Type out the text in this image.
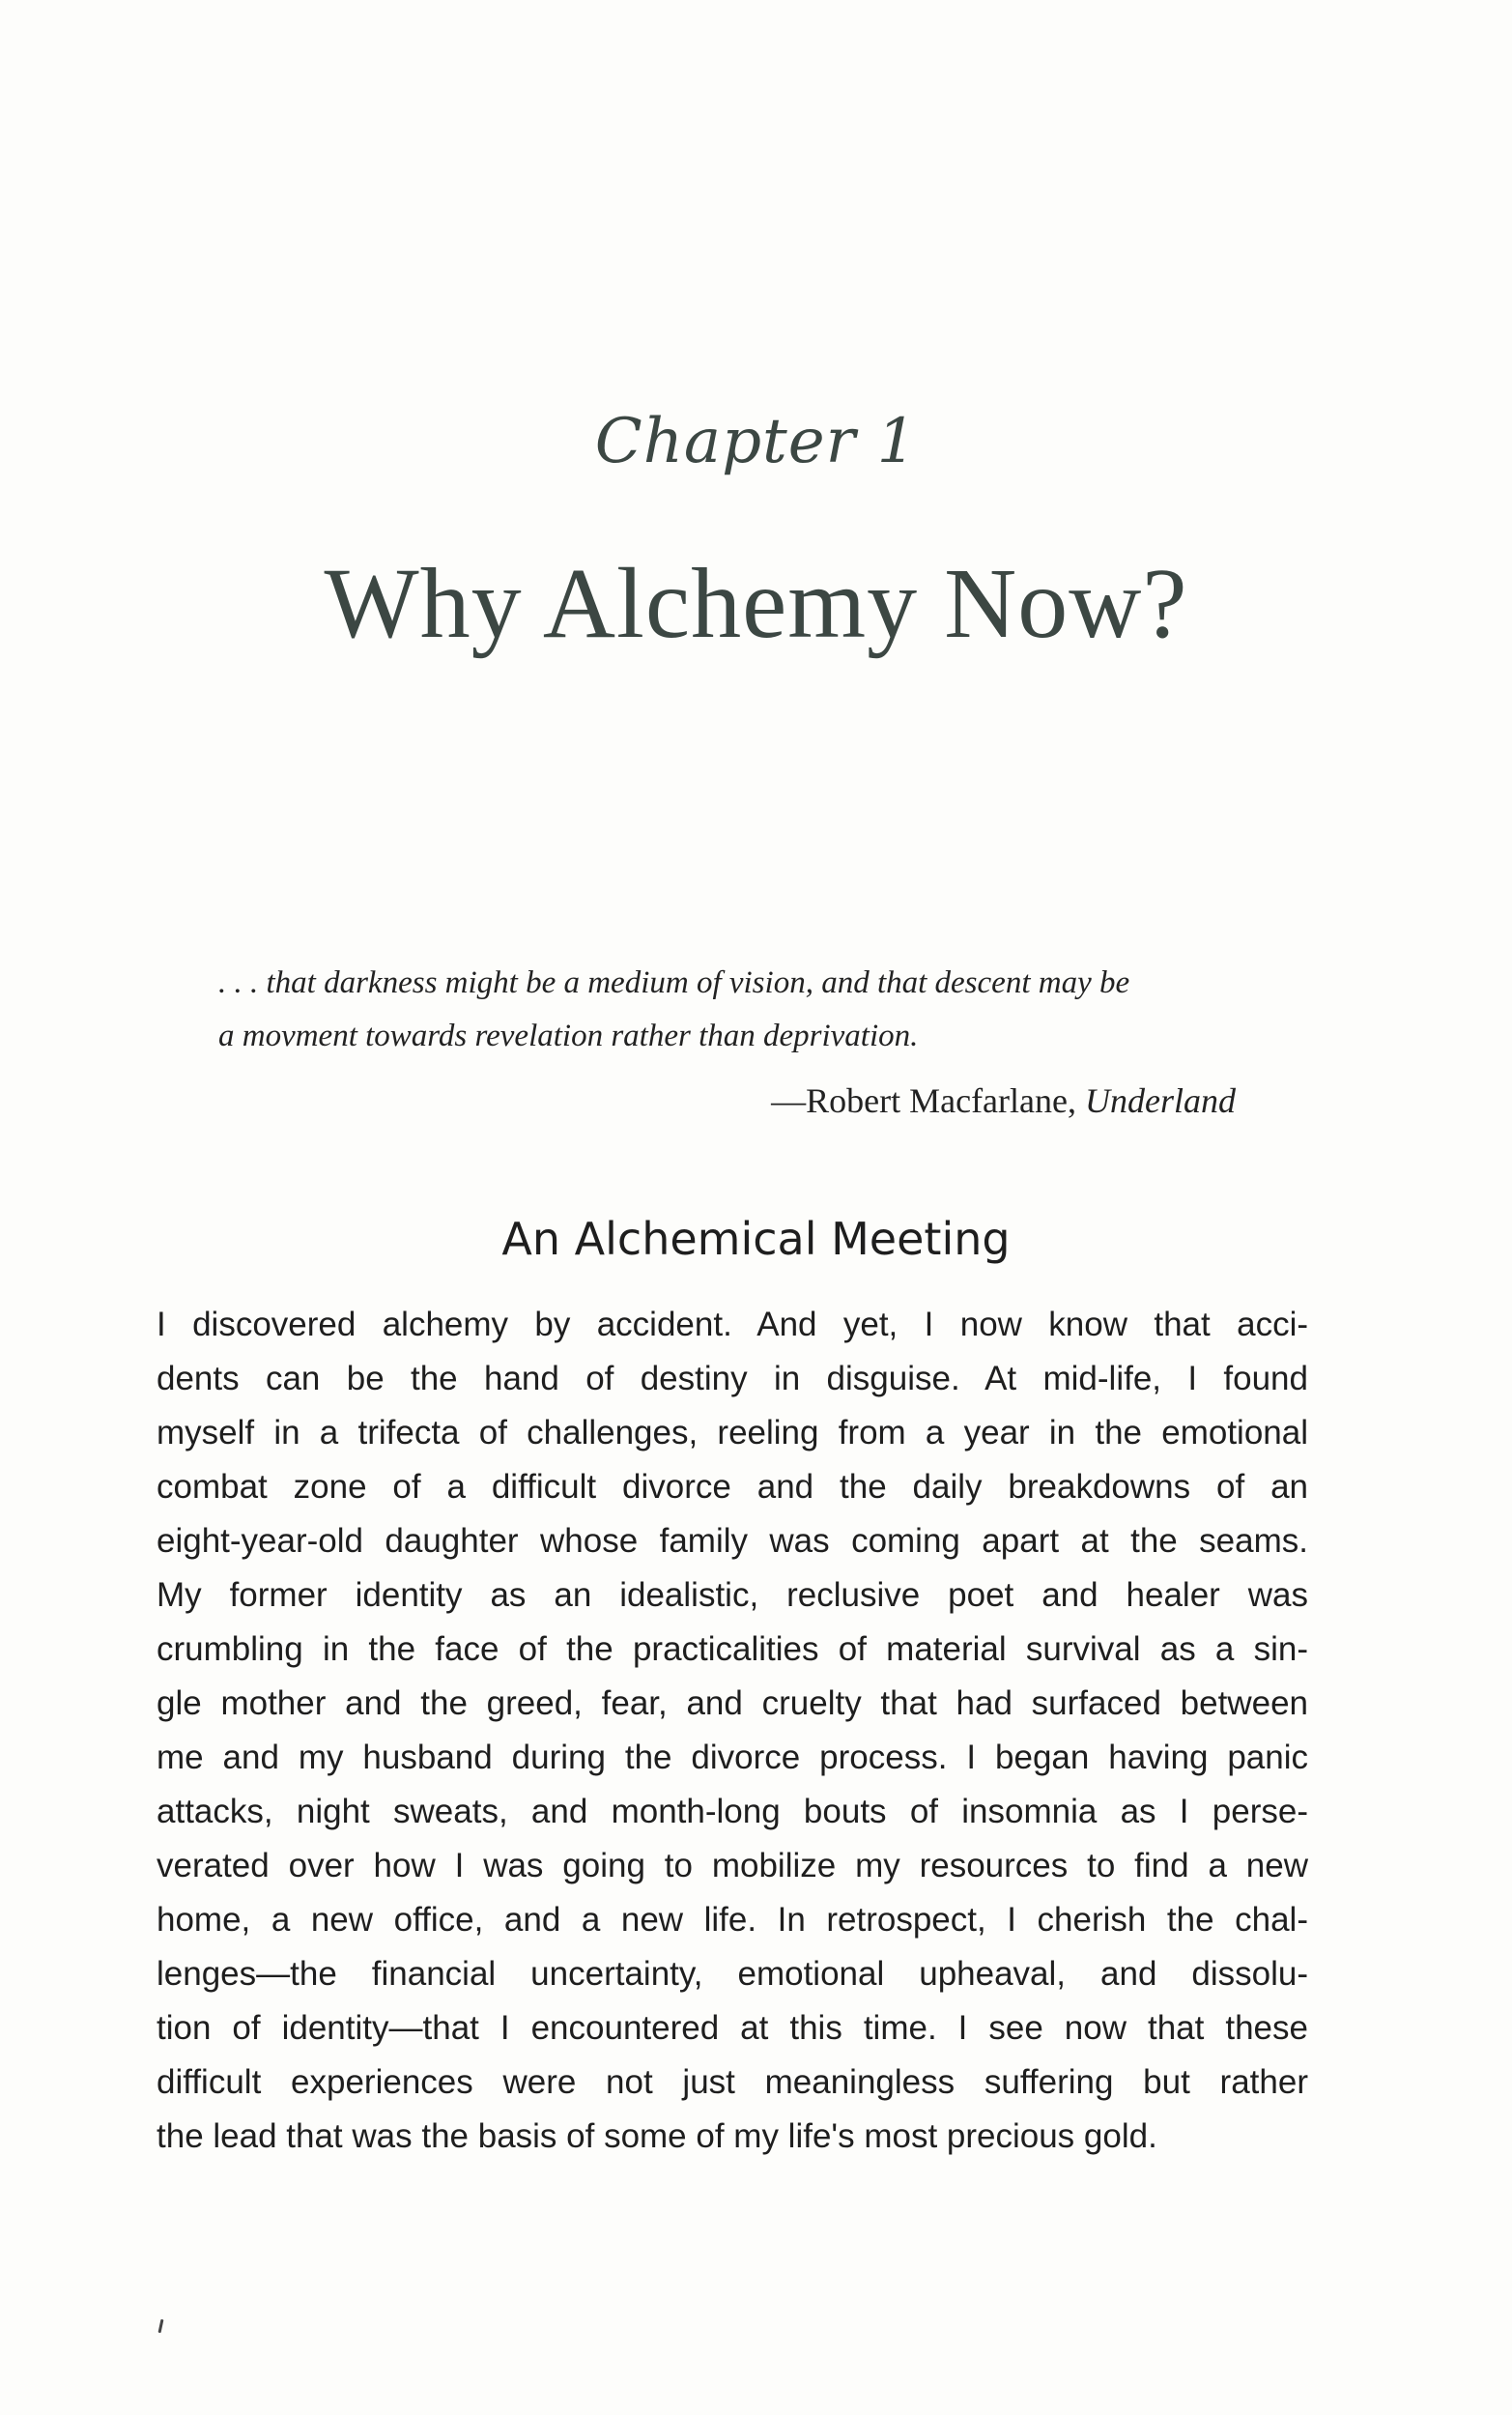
Chapter 1
Why Alchemy Now?
. . . that darkness might be a medium of vision, and that descent may be
a movment towards revelation rather than deprivation.
—Robert Macfarlane, Underland
An Alchemical Meeting
I discovered alchemy by accident. And yet, I now know that acci-
dents can be the hand of destiny in disguise. At mid-life, I found
myself in a trifecta of challenges, reeling from a year in the emotional
combat zone of a difficult divorce and the daily breakdowns of an
eight-year-old daughter whose family was coming apart at the seams.
My former identity as an idealistic, reclusive poet and healer was
crumbling in the face of the practicalities of material survival as a sin-
gle mother and the greed, fear, and cruelty that had surfaced between
me and my husband during the divorce process. I began having panic
attacks, night sweats, and month-long bouts of insomnia as I perse-
verated over how I was going to mobilize my resources to find a new
home, a new office, and a new life. In retrospect, I cherish the chal-
lenges—the financial uncertainty, emotional upheaval, and dissolu-
tion of identity—that I encountered at this time. I see now that these
difficult experiences were not just meaningless suffering but rather
the lead that was the basis of some of my life's most precious gold.
